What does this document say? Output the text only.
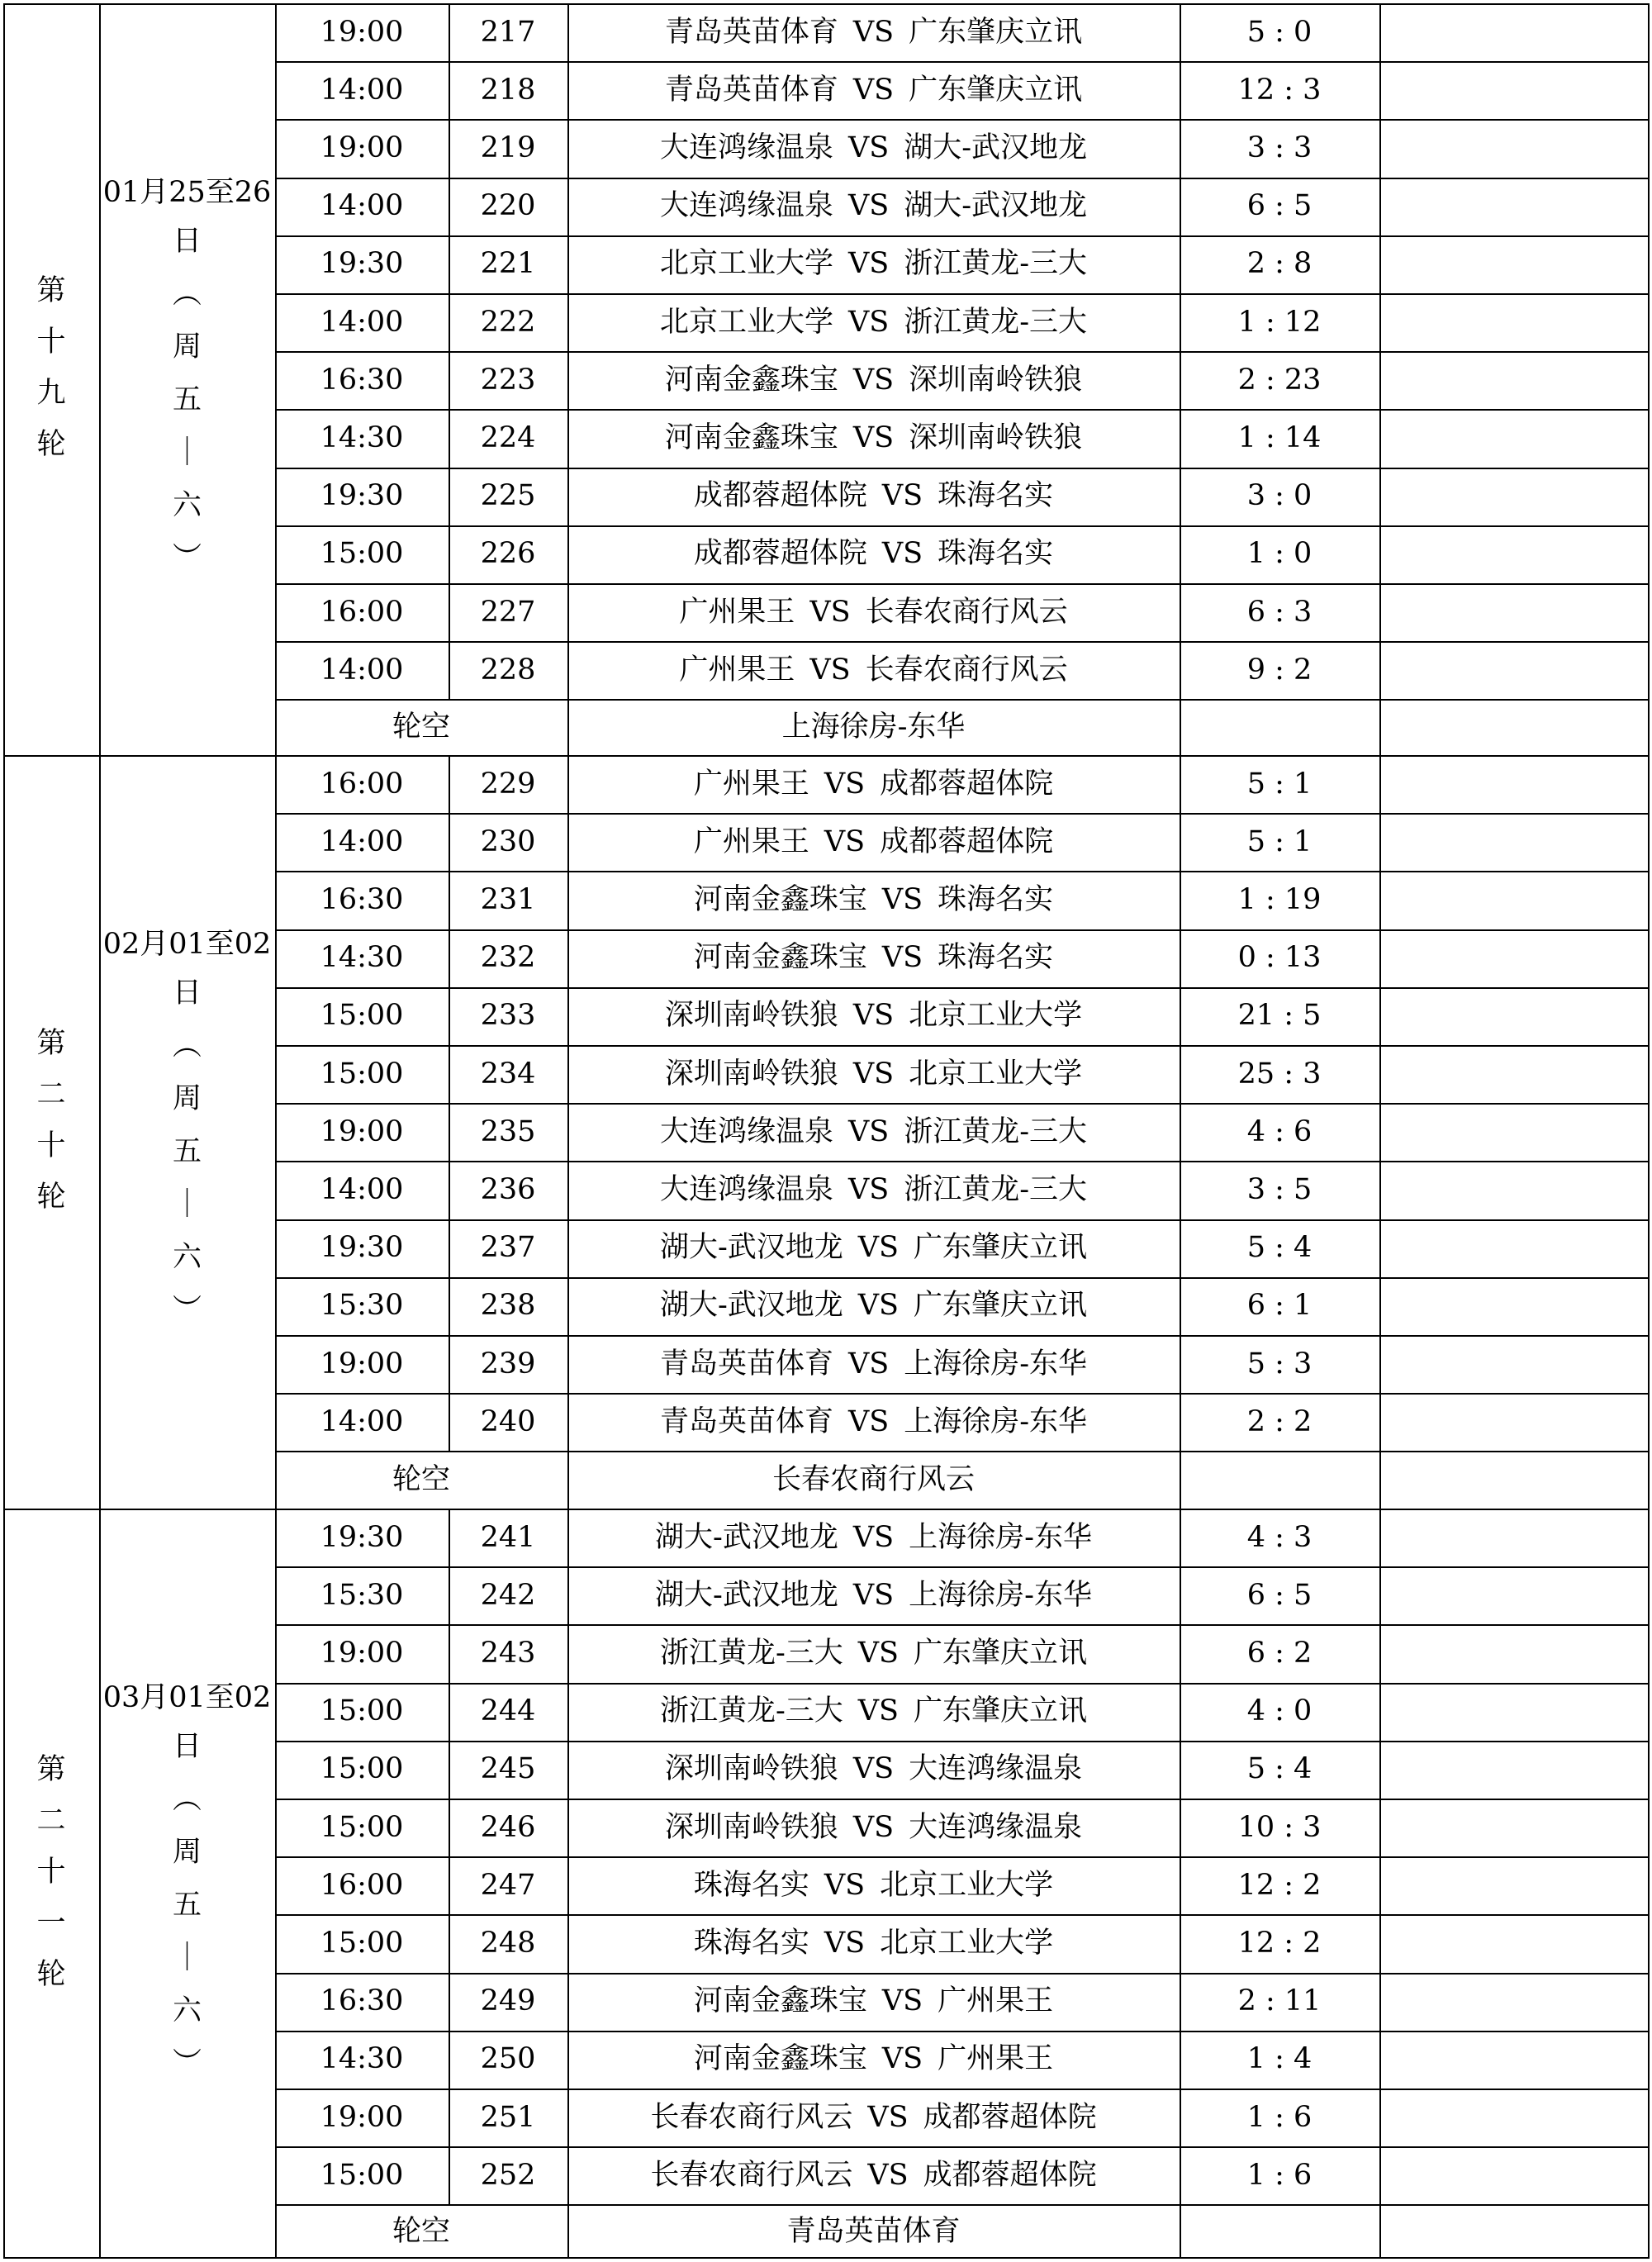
第
十
九
轮
01月25至26
日
︵
周
五
｜
六
︶
19:00	217	青岛英苗体育 VS 广东肇庆立讯	5 : 0
14:00	218	青岛英苗体育 VS 广东肇庆立讯	12 : 3
19:00	219	大连鸿缘温泉 VS 湖大-武汉地龙	3 : 3
14:00	220	大连鸿缘温泉 VS 湖大-武汉地龙	6 : 5
19:30	221	北京工业大学 VS 浙江黄龙-三大	2 : 8
14:00	222	北京工业大学 VS 浙江黄龙-三大	1 : 12
16:30	223	河南金鑫珠宝 VS 深圳南岭铁狼	2 : 23
14:30	224	河南金鑫珠宝 VS 深圳南岭铁狼	1 : 14
19:30	225	成都蓉超体院 VS 珠海名实	3 : 0
15:00	226	成都蓉超体院 VS 珠海名实	1 : 0
16:00	227	广州果王 VS 长春农商行风云	6 : 3
14:00	228	广州果王 VS 长春农商行风云	9 : 2
轮空	上海徐房-东华
第
二
十
轮
02月01至02
日
︵
周
五
｜
六
︶
16:00	229	广州果王 VS 成都蓉超体院	5 : 1
14:00	230	广州果王 VS 成都蓉超体院	5 : 1
16:30	231	河南金鑫珠宝 VS 珠海名实	1 : 19
14:30	232	河南金鑫珠宝 VS 珠海名实	0 : 13
15:00	233	深圳南岭铁狼 VS 北京工业大学	21 : 5
15:00	234	深圳南岭铁狼 VS 北京工业大学	25 : 3
19:00	235	大连鸿缘温泉 VS 浙江黄龙-三大	4 : 6
14:00	236	大连鸿缘温泉 VS 浙江黄龙-三大	3 : 5
19:30	237	湖大-武汉地龙 VS 广东肇庆立讯	5 : 4
15:30	238	湖大-武汉地龙 VS 广东肇庆立讯	6 : 1
19:00	239	青岛英苗体育 VS 上海徐房-东华	5 : 3
14:00	240	青岛英苗体育 VS 上海徐房-东华	2 : 2
轮空	长春农商行风云
第
二
十
一
轮
03月01至02
日
︵
周
五
｜
六
︶
19:30	241	湖大-武汉地龙 VS 上海徐房-东华	4 : 3
15:30	242	湖大-武汉地龙 VS 上海徐房-东华	6 : 5
19:00	243	浙江黄龙-三大 VS 广东肇庆立讯	6 : 2
15:00	244	浙江黄龙-三大 VS 广东肇庆立讯	4 : 0
15:00	245	深圳南岭铁狼 VS 大连鸿缘温泉	5 : 4
15:00	246	深圳南岭铁狼 VS 大连鸿缘温泉	10 : 3
16:00	247	珠海名实 VS 北京工业大学	12 : 2
15:00	248	珠海名实 VS 北京工业大学	12 : 2
16:30	249	河南金鑫珠宝 VS 广州果王	2 : 11
14:30	250	河南金鑫珠宝 VS 广州果王	1 : 4
19:00	251	长春农商行风云 VS 成都蓉超体院	1 : 6
15:00	252	长春农商行风云 VS 成都蓉超体院	1 : 6
轮空	青岛英苗体育
